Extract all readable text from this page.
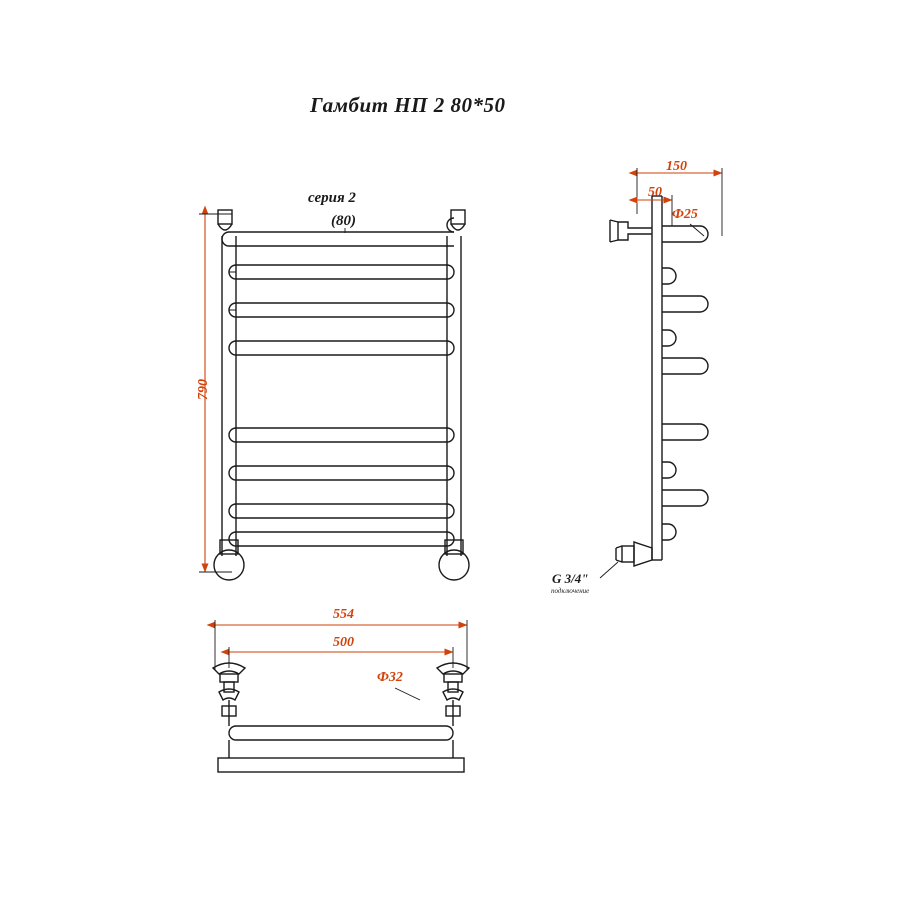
Гамбит НП 2 80*50
серия 2
(80)
790
150
50
Ф25
554
500
Ф32
G 3/4"
подключение
